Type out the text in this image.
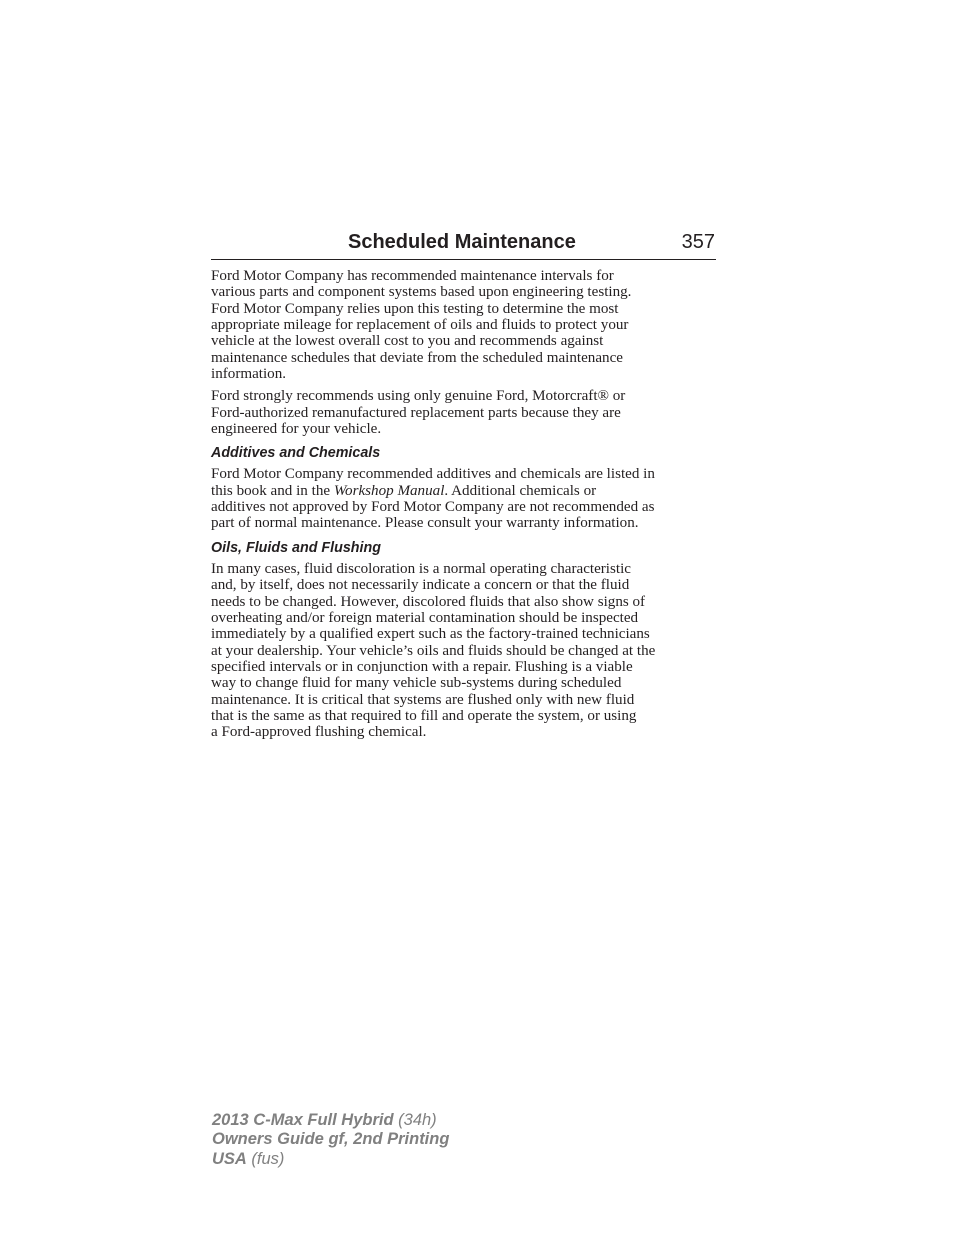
Scheduled Maintenance	357

Ford Motor Company has recommended maintenance intervals for
various parts and component systems based upon engineering testing.
Ford Motor Company relies upon this testing to determine the most
appropriate mileage for replacement of oils and fluids to protect your
vehicle at the lowest overall cost to you and recommends against
maintenance schedules that deviate from the scheduled maintenance
information.

Ford strongly recommends using only genuine Ford, Motorcraft® or
Ford-authorized remanufactured replacement parts because they are
engineered for your vehicle.

Additives and Chemicals

Ford Motor Company recommended additives and chemicals are listed in
this book and in the Workshop Manual. Additional chemicals or
additives not approved by Ford Motor Company are not recommended as
part of normal maintenance. Please consult your warranty information.

Oils, Fluids and Flushing

In many cases, fluid discoloration is a normal operating characteristic
and, by itself, does not necessarily indicate a concern or that the fluid
needs to be changed. However, discolored fluids that also show signs of
overheating and/or foreign material contamination should be inspected
immediately by a qualified expert such as the factory-trained technicians
at your dealership. Your vehicle’s oils and fluids should be changed at the
specified intervals or in conjunction with a repair. Flushing is a viable
way to change fluid for many vehicle sub-systems during scheduled
maintenance. It is critical that systems are flushed only with new fluid
that is the same as that required to fill and operate the system, or using
a Ford-approved flushing chemical.

2013 C-Max Full Hybrid (34h)
Owners Guide gf, 2nd Printing
USA (fus)
